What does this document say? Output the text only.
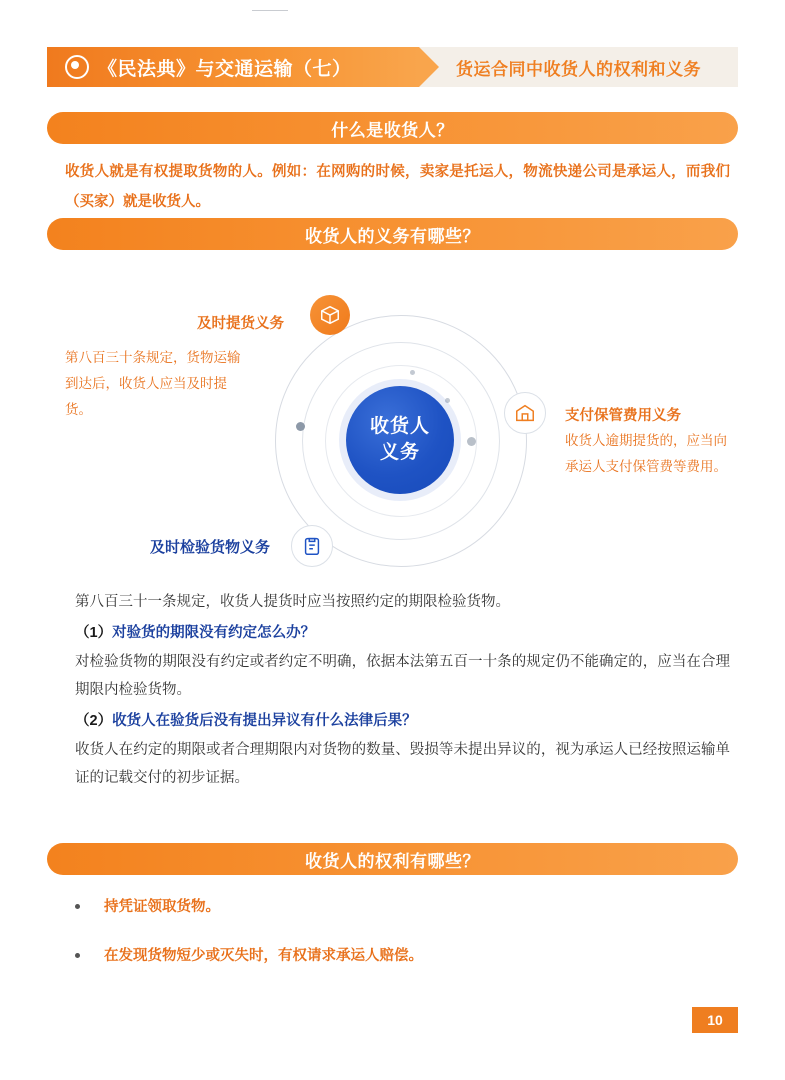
《民法典》与交通运输（七）	货运合同中收货人的权利和义务
什么是收货人？
收货人就是有权提取货物的人。例如：在网购的时候，卖家是托运人，物流快递公司是承运人，而我们（买家）就是收货人。
收货人的义务有哪些？
收货人
义务
及时提货义务
第八百三十条规定，货物运输到达后，收货人应当及时提货。	支付保管费用义务
收货人逾期提货的，应当向承运人支付保管费等费用。
及时检验货物义务

第八百三十一条规定，收货人提货时应当按照约定的期限检验货物。

（1）对验货的期限没有约定怎么办？

对检验货物的期限没有约定或者约定不明确，依据本法第五百一十条的规定仍不能确定的，应当在合理期限内检验货物。

（2）收货人在验货后没有提出异议有什么法律后果？

收货人在约定的期限或者合理期限内对货物的数量、毁损等未提出异议的，视为承运人已经按照运输单证的记载交付的初步证据。

收货人的权利有哪些？
持凭证领取货物。
在发现货物短少或灭失时，有权请求承运人赔偿。
10
